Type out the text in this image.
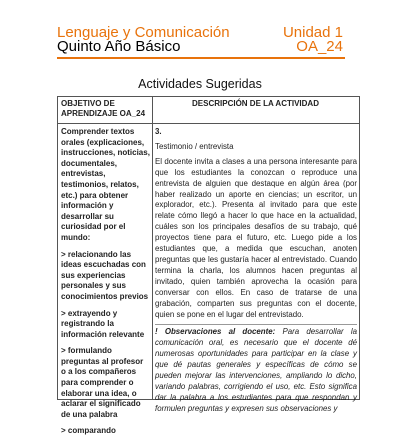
Lenguaje y Comunicación
Quinto Año Básico
Unidad 1
OA_24
Actividades Sugeridas
OBJETIVO DE APRENDIZAJE OA_24
DESCRIPCIÓN DE LA ACTIVIDAD

Comprender textos orales (explicaciones, instrucciones, noticias, documentales, entrevistas, testimonios, relatos, etc.) para obtener información y desarrollar su curiosidad por el mundo:

> relacionando las ideas escuchadas con sus experiencias personales y sus conocimientos previos

> extrayendo y registrando la información relevante

> formulando preguntas al profesor o a los compañeros para comprender o elaborar una idea, o aclarar el significado de una palabra

> comparando

3.

Testimonio / entrevista

El docente invita a clases a una persona interesante para que los estudiantes la conozcan o reproduce una entrevista de alguien que destaque en algún área (por haber realizado un aporte en ciencias; un escritor, un explorador, etc.). Presenta al invitado para que este relate cómo llegó a hacer lo que hace en la actualidad, cuáles son los principales desafíos de su trabajo, qué proyectos tiene para el futuro, etc. Luego pide a los estudiantes que, a medida que escuchan, anoten preguntas que les gustaría hacer al entrevistado. Cuando termina la charla, los alumnos hacen preguntas al invitado, quien también aprovecha la ocasión para conversar con ellos. En caso de tratarse de una grabación, comparten sus preguntas con el docente, quien se pone en el lugar del entrevistado.

! Observaciones al docente: Para desarrollar la comunicación oral, es necesario que el docente dé numerosas oportunidades para participar en la clase y que dé pautas generales y específicas de cómo se pueden mejorar las intervenciones, ampliando lo dicho, variando palabras, corrigiendo el uso, etc. Esto significa dar la palabra a los estudiantes para que respondan y formulen preguntas y expresen sus observaciones y
